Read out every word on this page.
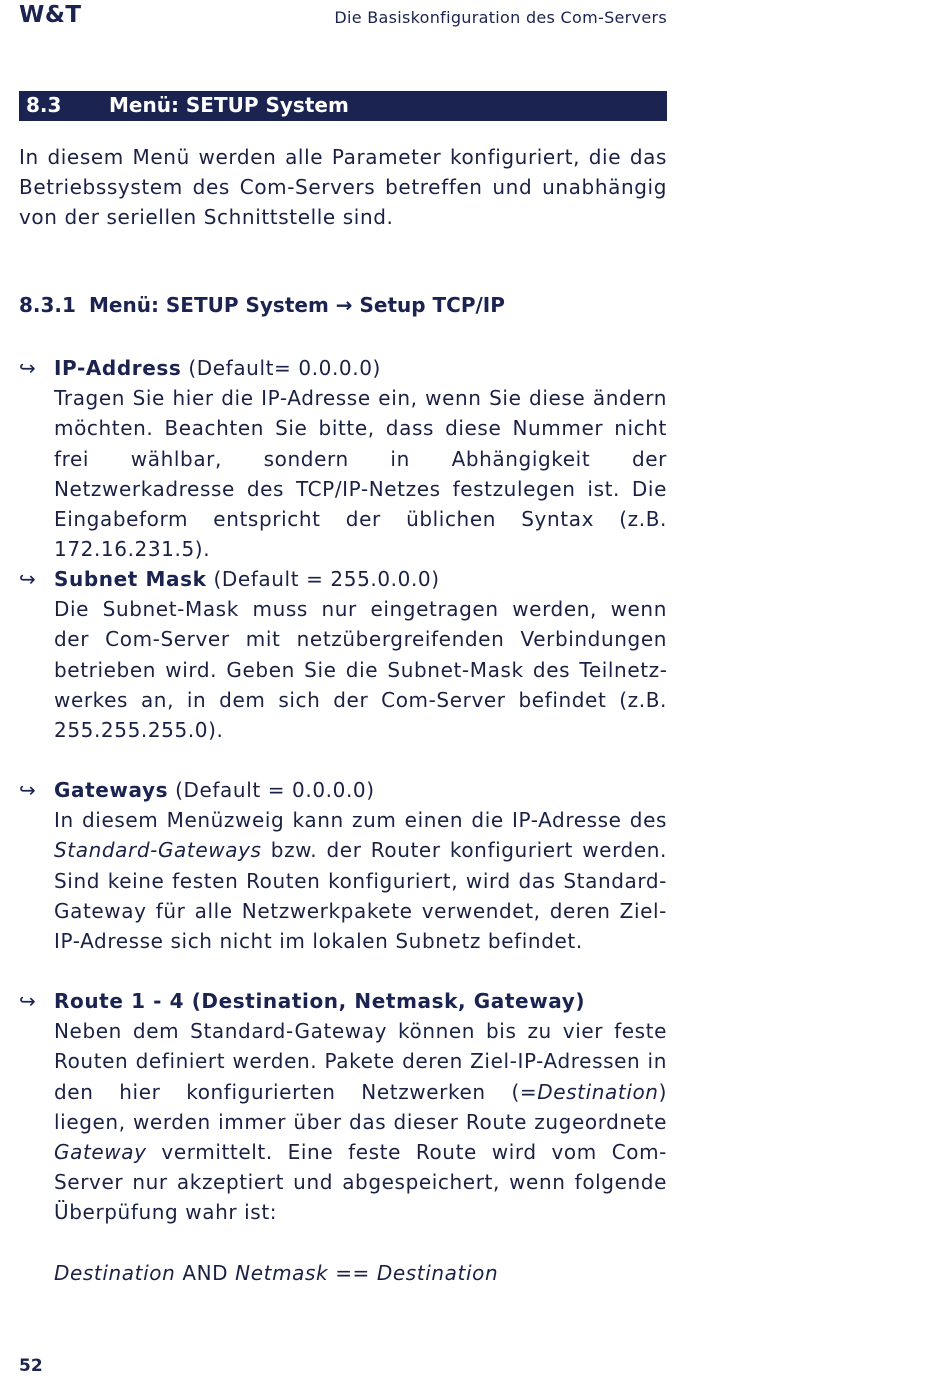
W&T	Die Basiskonfiguration des Com-Servers
8.3 Menü: SETUP System
In diesem Menü werden alle Parameter konfiguriert, die das Betriebssystem des Com-Servers betreffen und unabhängig von der seriellen Schnittstelle sind.
8.3.1 Menü: SETUP System → Setup TCP/IP
↪ IP-Address (Default= 0.0.0.0)
Tragen Sie hier die IP-Adresse ein, wenn Sie diese ändern möchten. Beachten Sie bitte, dass diese Nummer nicht frei wählbar, sondern in Abhängigkeit der Netzwerkadresse des TCP/IP-Netzes festzulegen ist. Die Eingabeform entspricht der üblichen Syntax (z.B. 172.16.231.5).
↪ Subnet Mask (Default = 255.0.0.0)
Die Subnet-Mask muss nur eingetragen werden, wenn der Com-Server mit netzübergreifenden Verbindungen betrieben wird. Geben Sie die Subnet-Mask des Teilnetzwerkes an, in dem sich der Com-Server befindet (z.B. 255.255.255.0).
↪ Gateways (Default = 0.0.0.0)
In diesem Menüzweig kann zum einen die IP-Adresse des Standard-Gateways bzw. der Router konfiguriert werden. Sind keine festen Routen konfiguriert, wird das Standard-Gateway für alle Netzwerkpakete verwendet, deren Ziel-IP-Adresse sich nicht im lokalen Subnetz befindet.
↪ Route 1 - 4 (Destination, Netmask, Gateway)
Neben dem Standard-Gateway können bis zu vier feste Routen definiert werden. Pakete deren Ziel-IP-Adressen in den hier konfigurierten Netzwerken (=Destination) liegen, werden immer über das dieser Route zugeordnete Gateway vermittelt. Eine feste Route wird vom Com-Server nur akzeptiert und abgespeichert, wenn folgende Überpüfung wahr ist:
Destination AND Netmask == Destination
52
